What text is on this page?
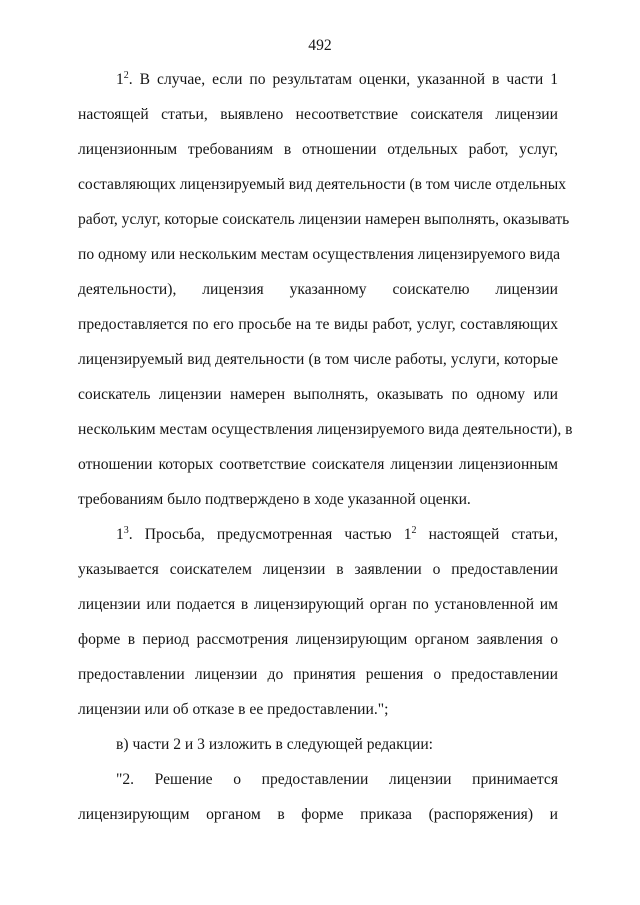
492
$1^2$. В случае, если по результатам оценки, указанной в части 1
настоящей статьи, выявлено несоответствие соискателя лицензии
лицензионным требованиям в отношении отдельных работ, услуг,
составляющих лицензируемый вид деятельности (в том числе отдельных
работ, услуг, которые соискатель лицензии намерен выполнять, оказывать
по одному или нескольким местам осуществления лицензируемого вида
деятельности), лицензия указанному соискателю лицензии
предоставляется по его просьбе на те виды работ, услуг, составляющих
лицензируемый вид деятельности (в том числе работы, услуги, которые
соискатель лицензии намерен выполнять, оказывать по одному или
нескольким местам осуществления лицензируемого вида деятельности), в
отношении которых соответствие соискателя лицензии лицензионным
требованиям было подтверждено в ходе указанной оценки.
$1^3$. Просьба, предусмотренная частью $1^2$ настоящей статьи,
указывается соискателем лицензии в заявлении о предоставлении
лицензии или подается в лицензирующий орган по установленной им
форме в период рассмотрения лицензирующим органом заявления о
предоставлении лицензии до принятия решения о предоставлении
лицензии или об отказе в ее предоставлении.";
в) части 2 и 3 изложить в следующей редакции:
"2. Решение о предоставлении лицензии принимается
лицензирующим органом в форме приказа (распоряжения) и
